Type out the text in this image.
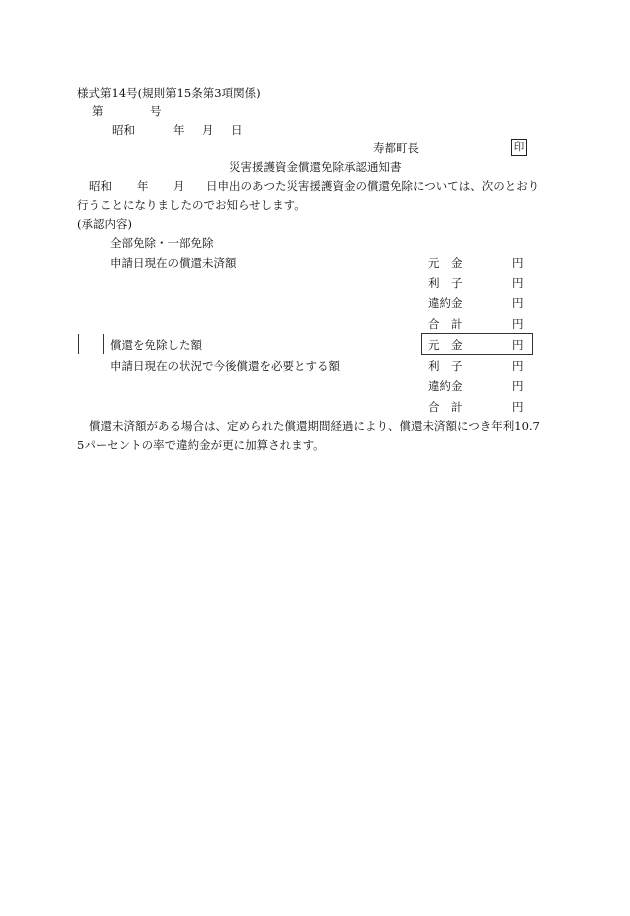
様式第14号(規則第15条第3項関係)
第	号
昭和	年 月 日
寿都町長	印
災害援護資金償還免除承認通知書
昭和 年 月 日申出のあつた災害援護資金の償還免除については、次のとおり
行うことになりましたのでお知らせします。
(承認内容)
全部免除・一部免除
申請日現在の償還未済額	元　金	円
利　子	円
違約金	円
合　計	円
償還を免除した額	元　金	円
申請日現在の状況で今後償還を必要とする額	利　子	円
違約金	円
合　計	円
償還未済額がある場合は、定められた償還期間経過により、償還未済額につき年利10.7
5パーセントの率で違約金が更に加算されます。
